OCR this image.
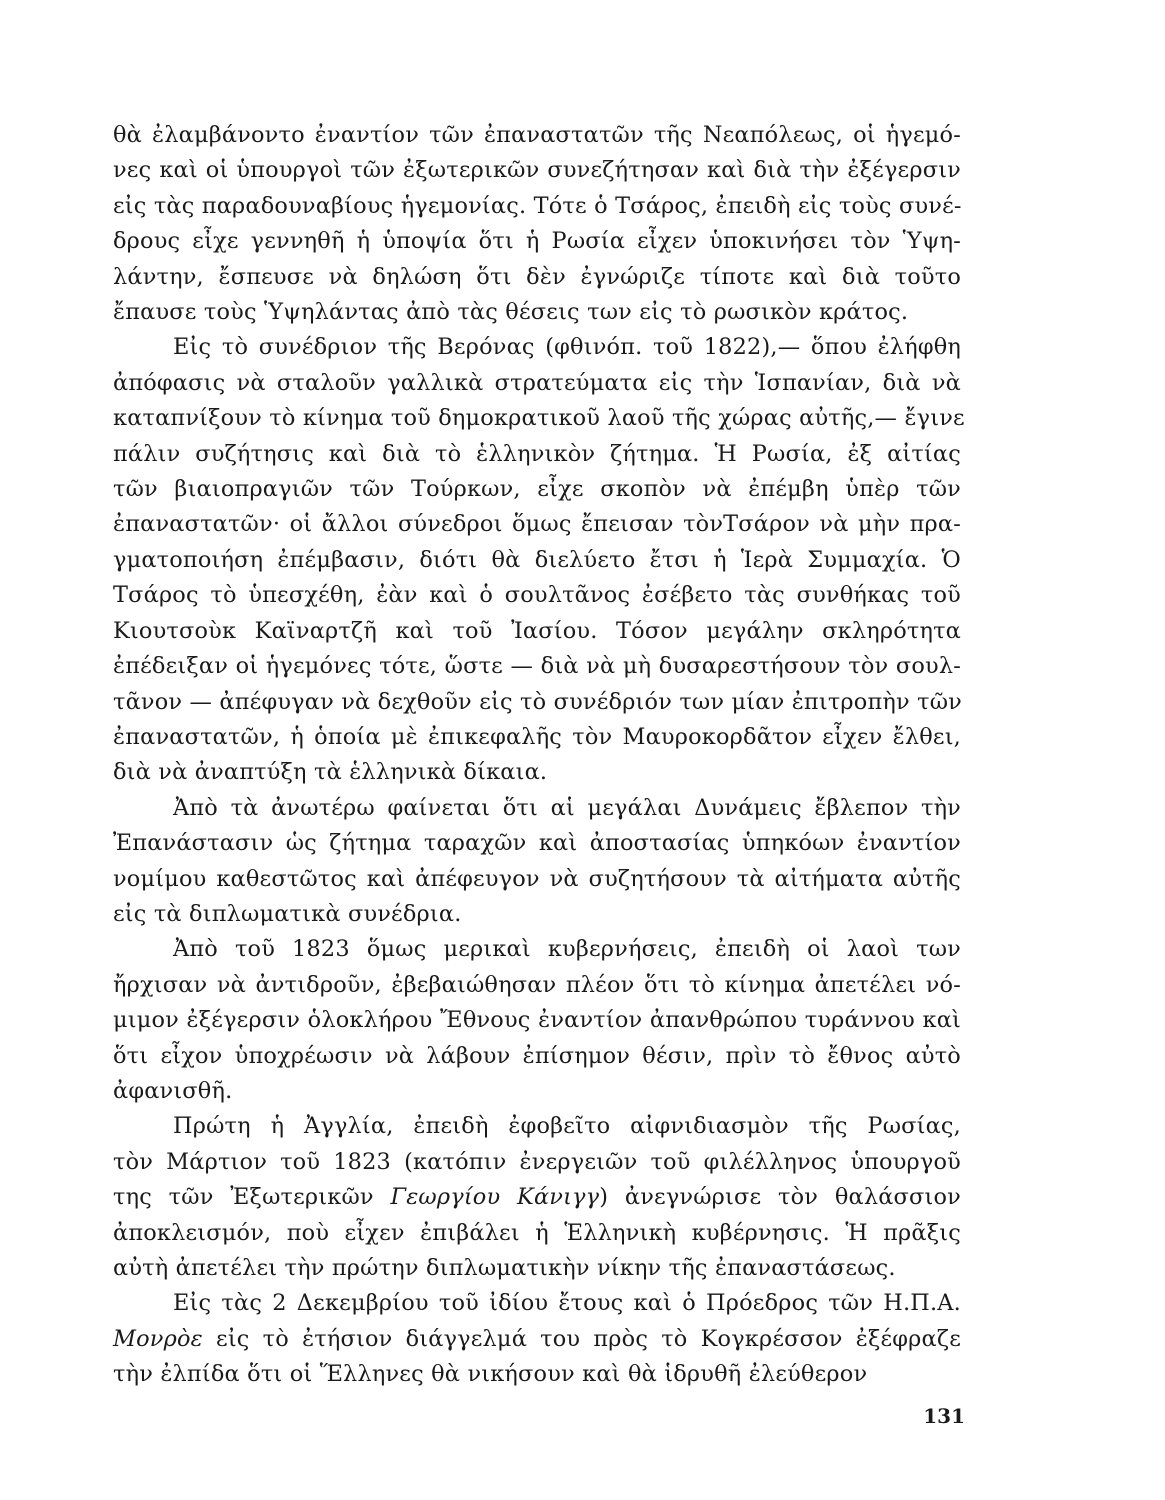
θὰ ἐλαμβάνοντο ἐναντίον τῶν ἐπαναστατῶν τῆς Νεαπόλεως, οἱ ἡγεμό-
νες καὶ οἱ ὑπουργοὶ τῶν ἐξωτερικῶν συνεζήτησαν καὶ διὰ τὴν ἐξέγερσιν
εἰς τὰς παραδουναβίους ἡγεμονίας. Τότε ὁ Τσάρος, ἐπειδὴ εἰς τοὺς συνέ-
δρους εἶχε γεννηθῆ ἡ ὑποψία ὅτι ἡ Ρωσία εἶχεν ὑποκινήσει τὸν Ὑψη-
λάντην, ἔσπευσε νὰ δηλώση ὅτι δὲν ἐγνώριζε τίποτε καὶ διὰ τοῦτο
ἔπαυσε τοὺς Ὑψηλάντας ἀπὸ τὰς θέσεις των εἰς τὸ ρωσικὸν κράτος.

Εἰς τὸ συνέδριον τῆς Βερόνας (φθινόπ. τοῦ 1822),— ὅπου ἐλήφθη
ἀπόφασις νὰ σταλοῦν γαλλικὰ στρατεύματα εἰς τὴν Ἱσπανίαν, διὰ νὰ
καταπνίξουν τὸ κίνημα τοῦ δημοκρατικοῦ λαοῦ τῆς χώρας αὐτῆς,— ἔγινε
πάλιν συζήτησις καὶ διὰ τὸ ἑλληνικὸν ζήτημα. Ἡ Ρωσία, ἐξ αἰτίας
τῶν βιαιοπραγιῶν τῶν Τούρκων, εἶχε σκοπὸν νὰ ἐπέμβη ὑπὲρ τῶν
ἐπαναστατῶν· οἱ ἄλλοι σύνεδροι ὅμως ἔπεισαν τὸνΤσάρον νὰ μὴν πρα-
γματοποιήση ἐπέμβασιν, διότι θὰ διελύετο ἔτσι ἡ Ἱερὰ Συμμαχία. Ὁ
Τσάρος τὸ ὑπεσχέθη, ἐὰν καὶ ὁ σουλτᾶνος ἐσέβετο τὰς συνθήκας τοῦ
Κιουτσοὺκ Καϊναρτζῆ καὶ τοῦ Ἰασίου. Τόσον μεγάλην σκληρότητα
ἐπέδειξαν οἱ ἡγεμόνες τότε, ὥστε — διὰ νὰ μὴ δυσαρεστήσουν τὸν σουλ-
τᾶνον — ἀπέφυγαν νὰ δεχθοῦν εἰς τὸ συνέδριόν των μίαν ἐπιτροπὴν τῶν
ἐπαναστατῶν, ἡ ὁποία μὲ ἐπικεφαλῆς τὸν Μαυροκορδᾶτον εἶχεν ἔλθει,
διὰ νὰ ἀναπτύξη τὰ ἑλληνικὰ δίκαια.

Ἀπὸ τὰ ἀνωτέρω φαίνεται ὅτι αἱ μεγάλαι Δυνάμεις ἔβλεπον τὴν
Ἐπανάστασιν ὡς ζήτημα ταραχῶν καὶ ἀποστασίας ὑπηκόων ἐναντίον
νομίμου καθεστῶτος καὶ ἀπέφευγον νὰ συζητήσουν τὰ αἰτήματα αὐτῆς
εἰς τὰ διπλωματικὰ συνέδρια.

Ἀπὸ τοῦ 1823 ὅμως μερικαὶ κυβερνήσεις, ἐπειδὴ οἱ λαοὶ των
ἤρχισαν νὰ ἀντιδροῦν, ἐβεβαιώθησαν πλέον ὅτι τὸ κίνημα ἀπετέλει νό-
μιμον ἐξέγερσιν ὁλοκλήρου Ἔθνους ἐναντίον ἀπανθρώπου τυράννου καὶ
ὅτι εἶχον ὑποχρέωσιν νὰ λάβουν ἐπίσημον θέσιν, πρὶν τὸ ἔθνος αὐτὸ
ἀφανισθῆ.

Πρώτη ἡ Ἀγγλία, ἐπειδὴ ἐφοβεῖτο αἰφνιδιασμὸν τῆς Ρωσίας,
τὸν Μάρτιον τοῦ 1823 (κατόπιν ἐνεργειῶν τοῦ φιλέλληνος ὑπουργοῦ
της τῶν Ἐξωτερικῶν Γεωργίου Κάνιγγ) ἀνεγνώρισε τὸν θαλάσσιον
ἀποκλεισμόν, ποὺ εἶχεν ἐπιβάλει ἡ Ἑλληνικὴ κυβέρνησις. Ἡ πρᾶξις
αὐτὴ ἀπετέλει τὴν πρώτην διπλωματικὴν νίκην τῆς ἐπαναστάσεως.

Εἰς τὰς 2 Δεκεμβρίου τοῦ ἰδίου ἔτους καὶ ὁ Πρόεδρος τῶν Η.Π.Α.
Μονρὸε εἰς τὸ ἐτήσιον διάγγελμά του πρὸς τὸ Κογκρέσσον ἐξέφραζε
τὴν ἐλπίδα ὅτι οἱ Ἕλληνες θὰ νικήσουν καὶ θὰ ἱδρυθῆ ἐλεύθερον

131
